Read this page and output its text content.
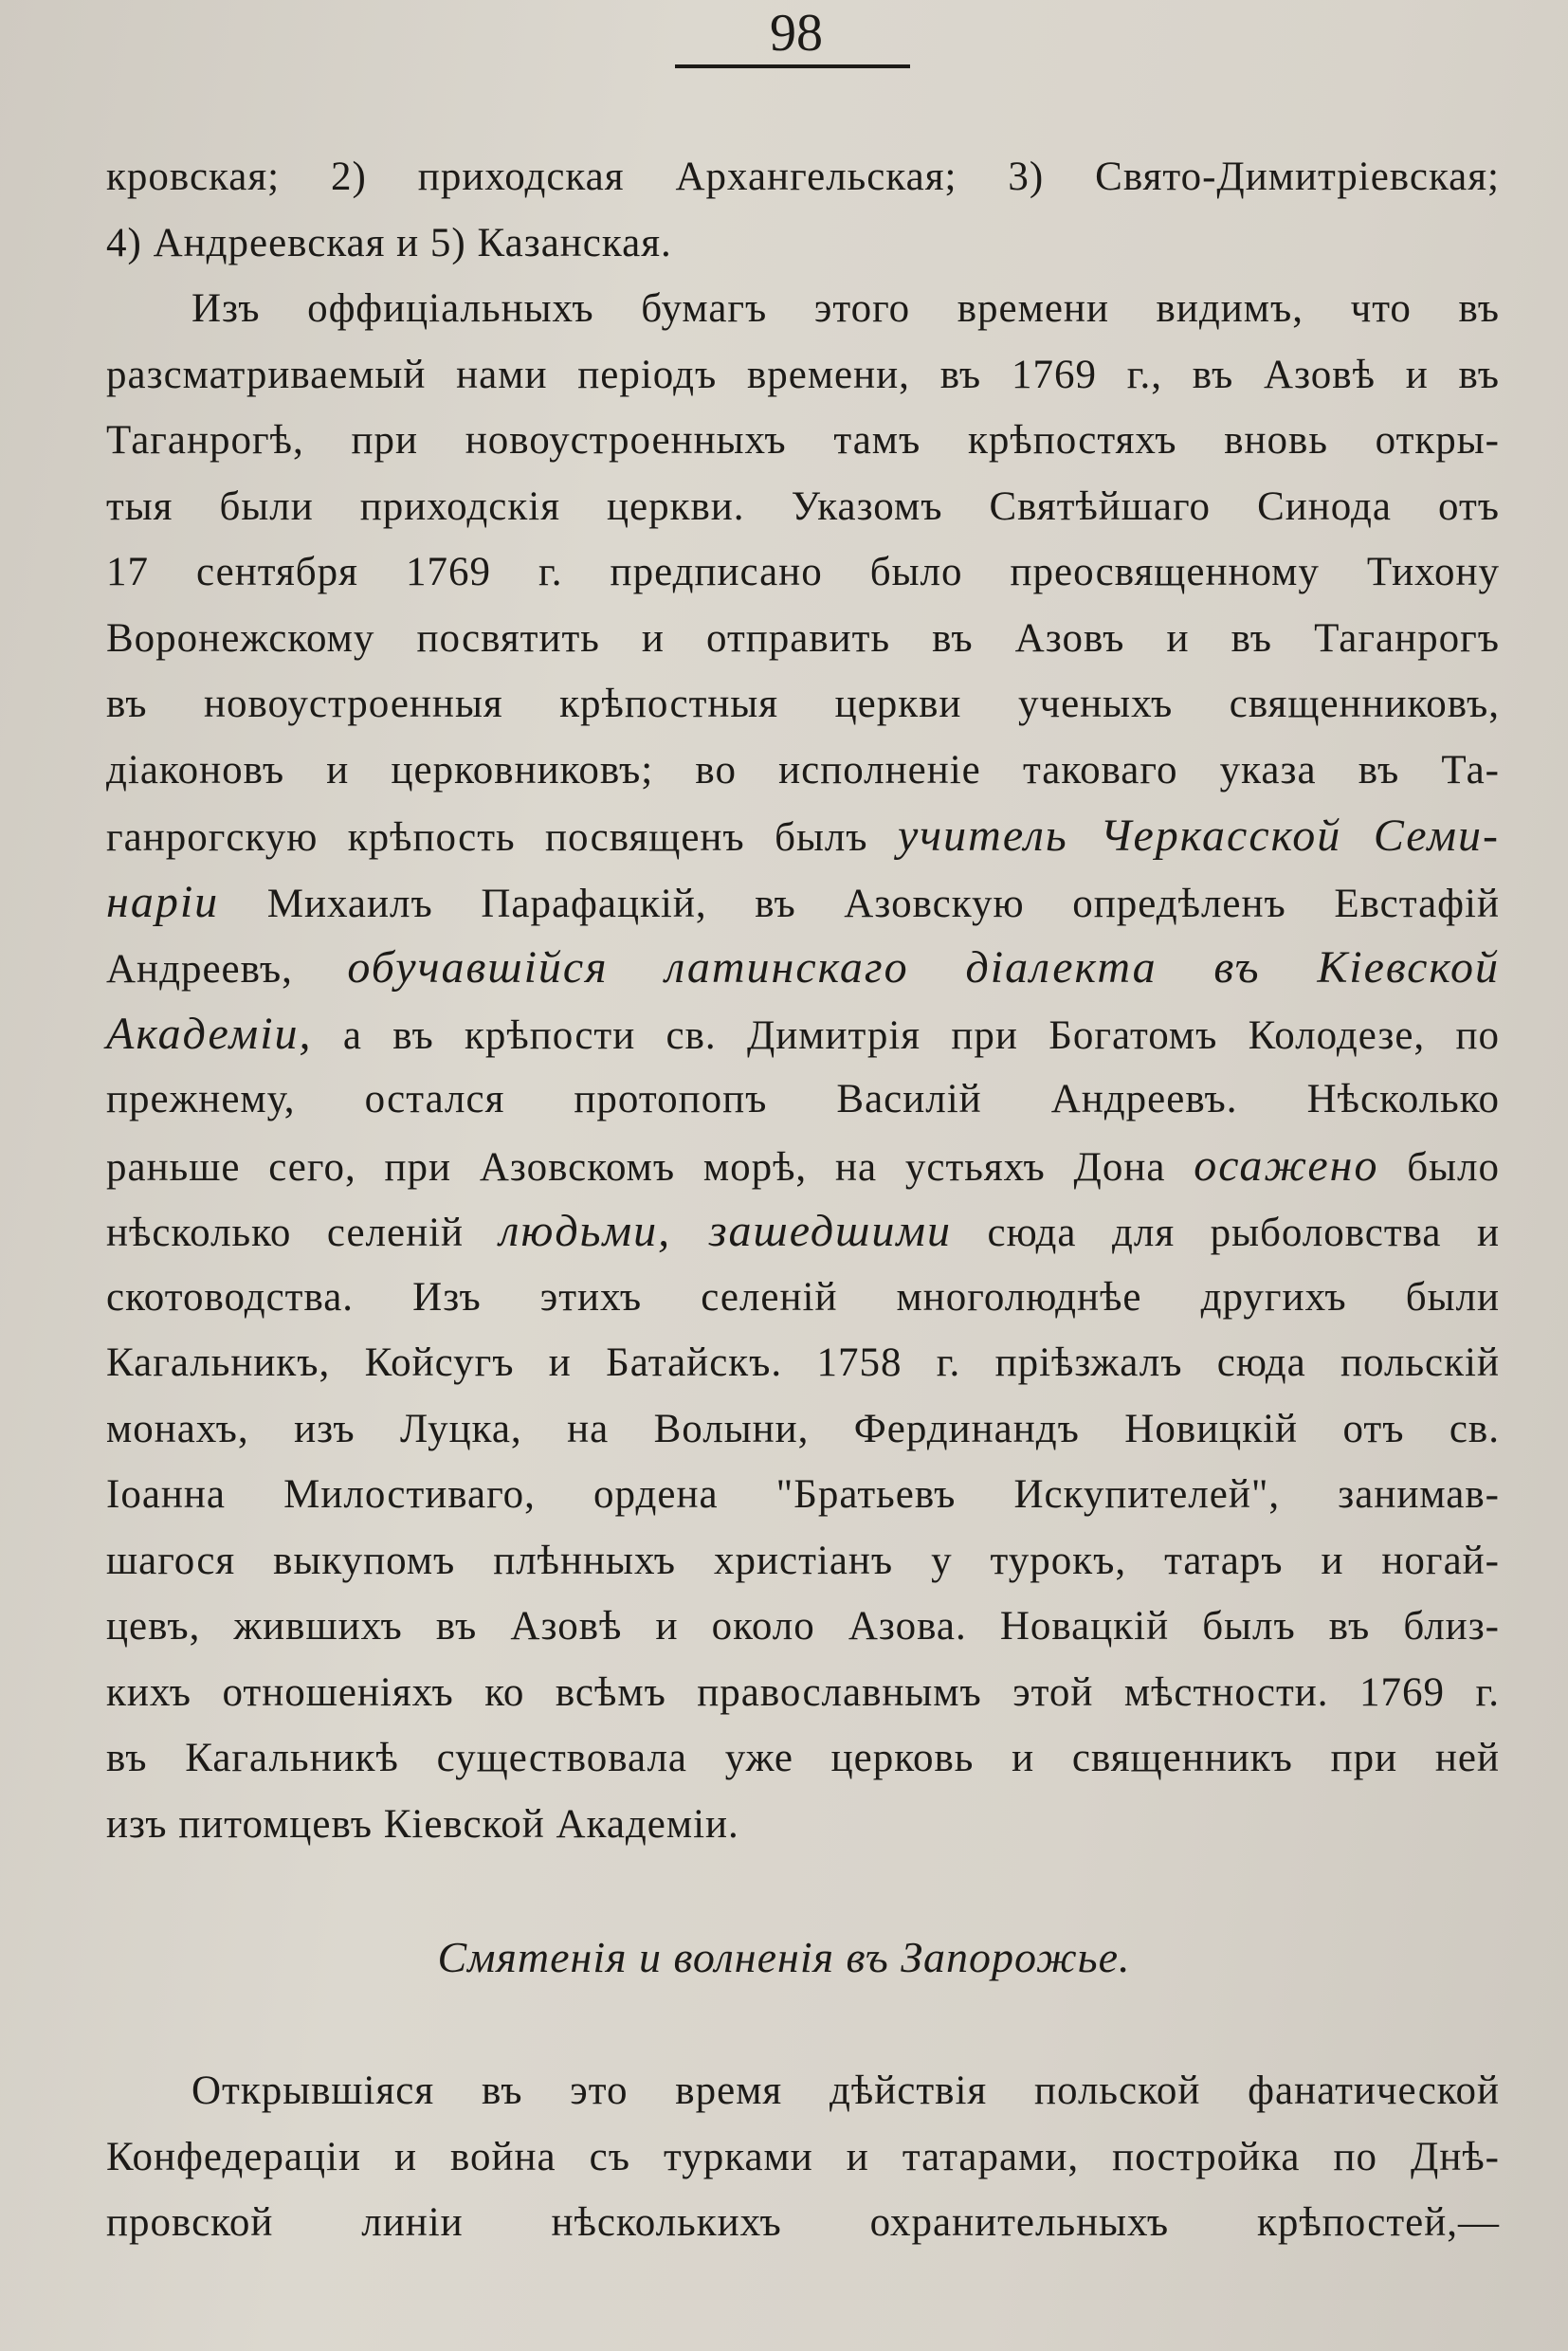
98
кровская; 2) приходская Архангельская; 3) Свято-Димитріевская;
4) Андреевская и 5) Казанская.
Изъ оффиціальныхъ бумагъ этого времени видимъ, что въ
разсматриваемый нами періодъ времени, въ 1769 г., въ Азовѣ и въ
Таганрогѣ, при новоустроенныхъ тамъ крѣпостяхъ вновь откры-
тыя были приходскія церкви. Указомъ Святѣйшаго Синода отъ
17 сентября 1769 г. предписано было преосвященному Тихону
Воронежскому посвятить и отправить въ Азовъ и въ Таганрогъ
въ новоустроенныя крѣпостныя церкви ученыхъ священниковъ,
діаконовъ и церковниковъ; во исполненіе таковаго указа въ Та-
ганрогскую крѣпость посвященъ былъ учитель Черкасской Семи-
наріи Михаилъ Парафацкій, въ Азовскую опредѣленъ Евстафій
Андреевъ, обучавшійся латинскаго діалекта въ Кіевской
Академіи, а въ крѣпости св. Димитрія при Богатомъ Колодезе, по
прежнему, остался протопопъ Василій Андреевъ. Нѣсколько
раньше сего, при Азовскомъ морѣ, на устьяхъ Дона осажено было
нѣсколько селеній людьми, зашедшими сюда для рыболовства и
скотоводства. Изъ этихъ селеній многолюднѣе другихъ были
Кагальникъ, Койсугъ и Батайскъ. 1758 г. пріѣзжалъ сюда польскій
монахъ, изъ Луцка, на Волыни, Фердинандъ Новицкій отъ св.
Іоанна Милостиваго, ордена "Братьевъ Искупителей", занимав-
шагося выкупомъ плѣнныхъ христіанъ у турокъ, татаръ и ногай-
цевъ, жившихъ въ Азовѣ и около Азова. Новацкій былъ въ близ-
кихъ отношеніяхъ ко всѣмъ православнымъ этой мѣстности. 1769 г.
въ Кагальникѣ существовала уже церковь и священникъ при ней
изъ питомцевъ Кіевской Академіи.
Смятенія и волненія въ Запорожье.
Открывшіяся въ это время дѣйствія польской фанатической
Конфедераціи и война съ турками и татарами, постройка по Днѣ-
провской линіи нѣсколькихъ охранительныхъ крѣпостей,—
